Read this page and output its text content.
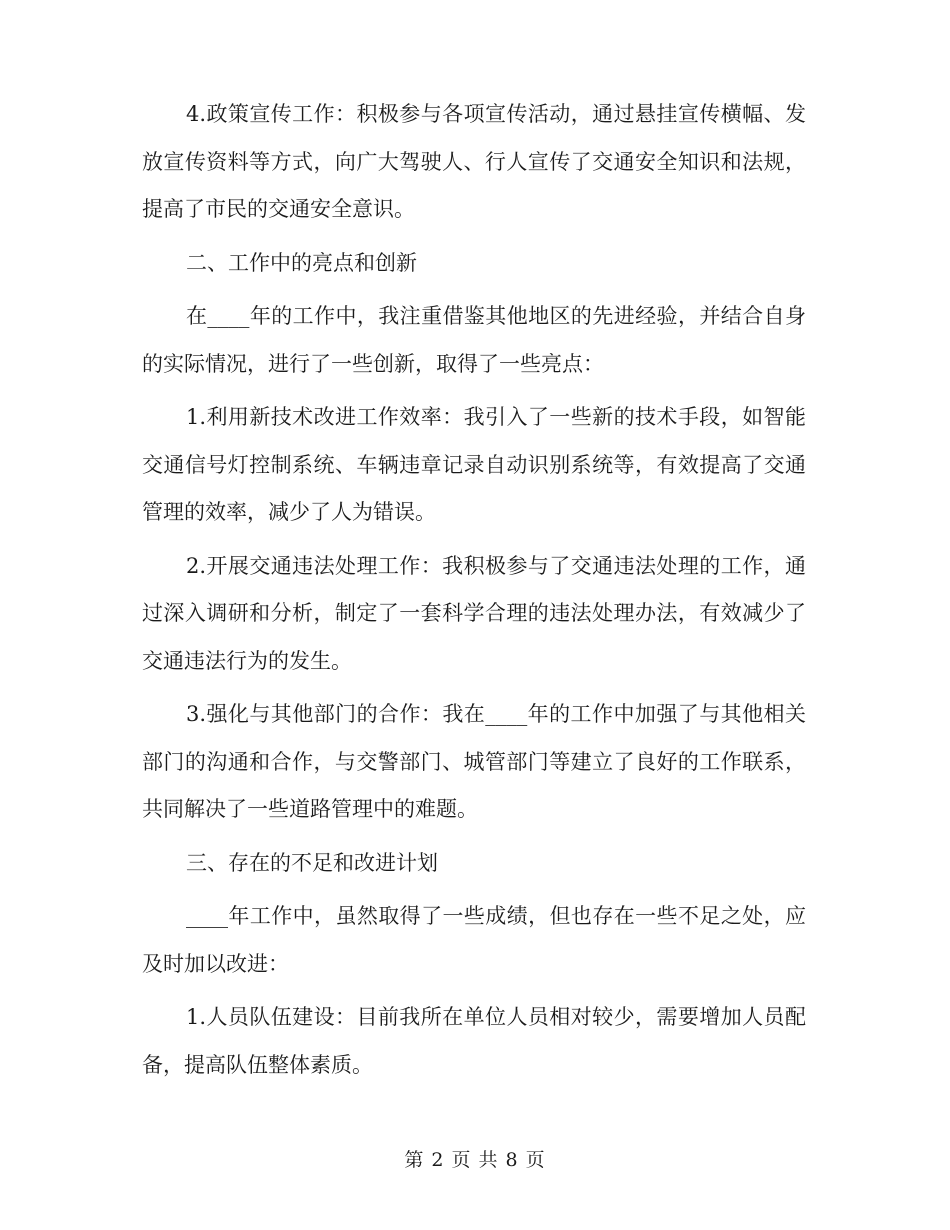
4.政策宣传工作：积极参与各项宣传活动，通过悬挂宣传横幅、发放宣传资料等方式，向广大驾驶人、行人宣传了交通安全知识和法规，提高了市民的交通安全意识。

二、工作中的亮点和创新

在____年的工作中，我注重借鉴其他地区的先进经验，并结合自身的实际情况，进行了一些创新，取得了一些亮点：

1.利用新技术改进工作效率：我引入了一些新的技术手段，如智能交通信号灯控制系统、车辆违章记录自动识别系统等，有效提高了交通管理的效率，减少了人为错误。

2.开展交通违法处理工作：我积极参与了交通违法处理的工作，通过深入调研和分析，制定了一套科学合理的违法处理办法，有效减少了交通违法行为的发生。

3.强化与其他部门的合作：我在____年的工作中加强了与其他相关部门的沟通和合作，与交警部门、城管部门等建立了良好的工作联系，共同解决了一些道路管理中的难题。

三、存在的不足和改进计划

____年工作中，虽然取得了一些成绩，但也存在一些不足之处，应及时加以改进：

1.人员队伍建设：目前我所在单位人员相对较少，需要增加人员配备，提高队伍整体素质。

第 2 页 共 8 页
